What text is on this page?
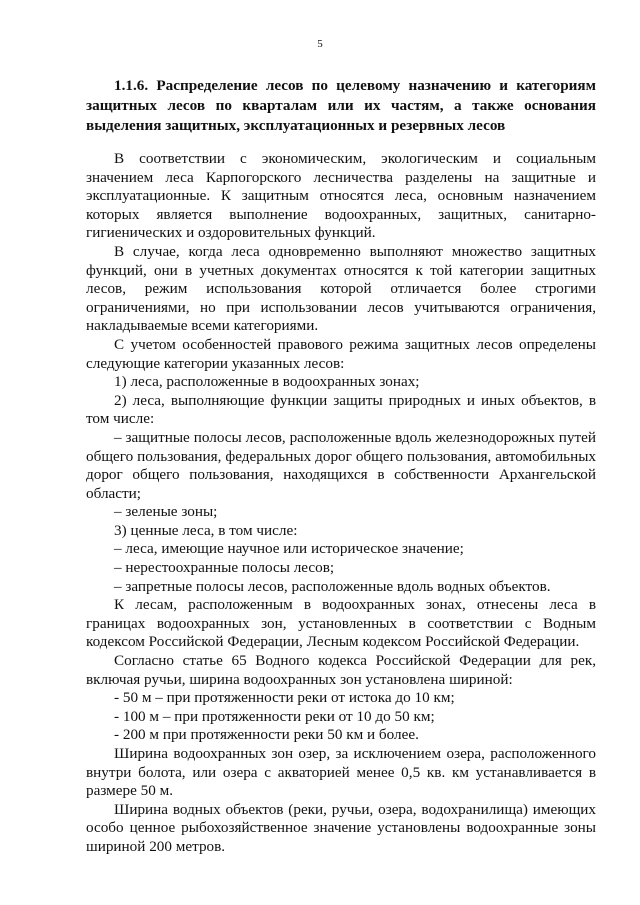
5
1.1.6. Распределение лесов по целевому назначению и категориям защитных лесов по кварталам или их частям, а также основания выделения защитных, эксплуатационных и резервных лесов

В соответствии с экономическим, экологическим и социальным значением леса Карпогорского лесничества разделены на защитные и эксплуатационные. К защитным относятся леса, основным назначением которых является выполнение водоохранных, защитных, санитарно-гигиенических и оздоровительных функций.

В случае, когда леса одновременно выполняют множество защитных функций, они в учетных документах относятся к той категории защитных лесов, режим использования которой отличается более строгими ограничениями, но при использовании лесов учитываются ограничения, накладываемые всеми категориями.

С учетом особенностей правового режима защитных лесов определены следующие категории указанных лесов:

1) леса, расположенные в водоохранных зонах;

2) леса, выполняющие функции защиты природных и иных объектов, в том числе:

– защитные полосы лесов, расположенные вдоль железнодорожных путей общего пользования, федеральных дорог общего пользования, автомобильных дорог общего пользования, находящихся в собственности Архангельской области;

– зеленые зоны;

3) ценные леса, в том числе:

– леса, имеющие научное или историческое значение;

– нерестоохранные полосы лесов;

– запретные полосы лесов, расположенные вдоль водных объектов.

К лесам, расположенным в водоохранных зонах, отнесены леса в границах водоохранных зон, установленных в соответствии с Водным кодексом Российской Федерации, Лесным кодексом Российской Федерации.

Согласно статье 65 Водного кодекса Российской Федерации для рек, включая ручьи, ширина водоохранных зон установлена шириной:

- 50 м – при протяженности реки от истока до 10 км;

- 100 м – при протяженности реки от 10 до 50 км;

- 200 м при протяженности реки 50 км и более.

Ширина водоохранных зон озер, за исключением озера, расположенного внутри болота, или озера с акваторией менее 0,5 кв. км устанавливается в размере 50 м.

Ширина водных объектов (реки, ручьи, озера, водохранилища) имеющих особо ценное рыбохозяйственное значение установлены водоохранные зоны шириной 200 метров.
